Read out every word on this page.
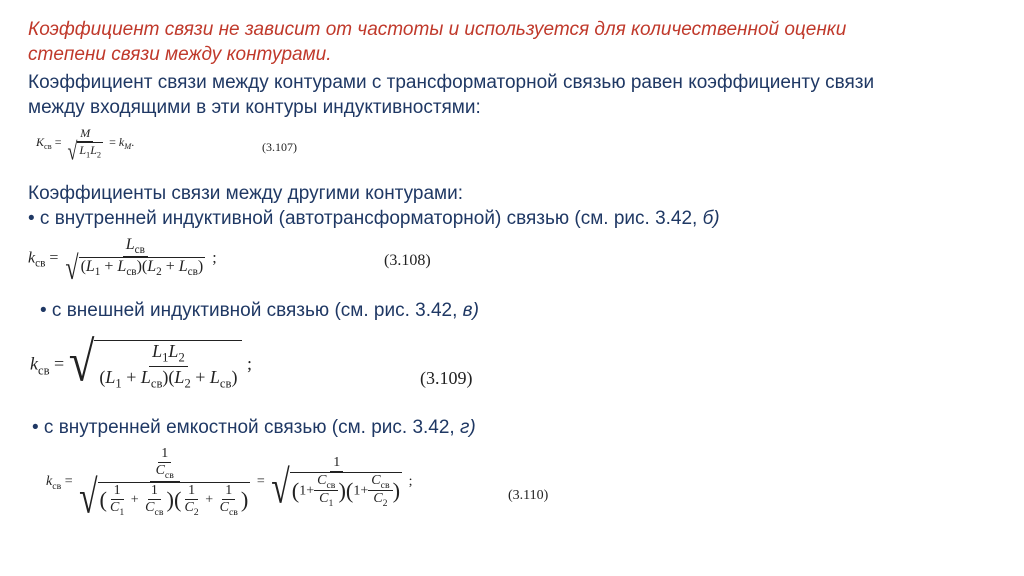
Коэффициент связи не зависит от частоты и используется для количественной оценки
степени связи между контурами.
Коэффициент связи между контурами с трансформаторной связью равен коэффициенту связи
между входящими в эти контуры индуктивностями:
$K_{св} = \frac{M}{√ L_1L_2} = k_M$.	(3.107)
Коэффициенты связи между другими контурами:
• с внутренней индуктивной (автотрансформаторной) связью (см. рис. 3.42, б)
$k_{св} = \frac{L_{св}}{√ (L_1 + L_{св})(L_2 + L_{св})}$ ;	(3.108)
• с внешней индуктивной связью (см. рис. 3.42, в)
$k_{св}$ = √ $\frac{L_1L_2}{(L_1 + L_{св})(L_2 + L_{св})}$ ;
(3.109)
• с внутренней емкостной связью (см. рис. 3.42, г)
$k_{св} = \frac{\frac{1}{C_{св}}}{√ ( \frac{1}{C_1} + \frac{1}{C_{св}} )( \frac{1}{C_2} + \frac{1}{C_{св}} )} = \frac{1}{√ (1+ \frac{C_{св}}{C_1} )(1+ \frac{C_{св}}{C_2} )}$ ;
(3.110)
